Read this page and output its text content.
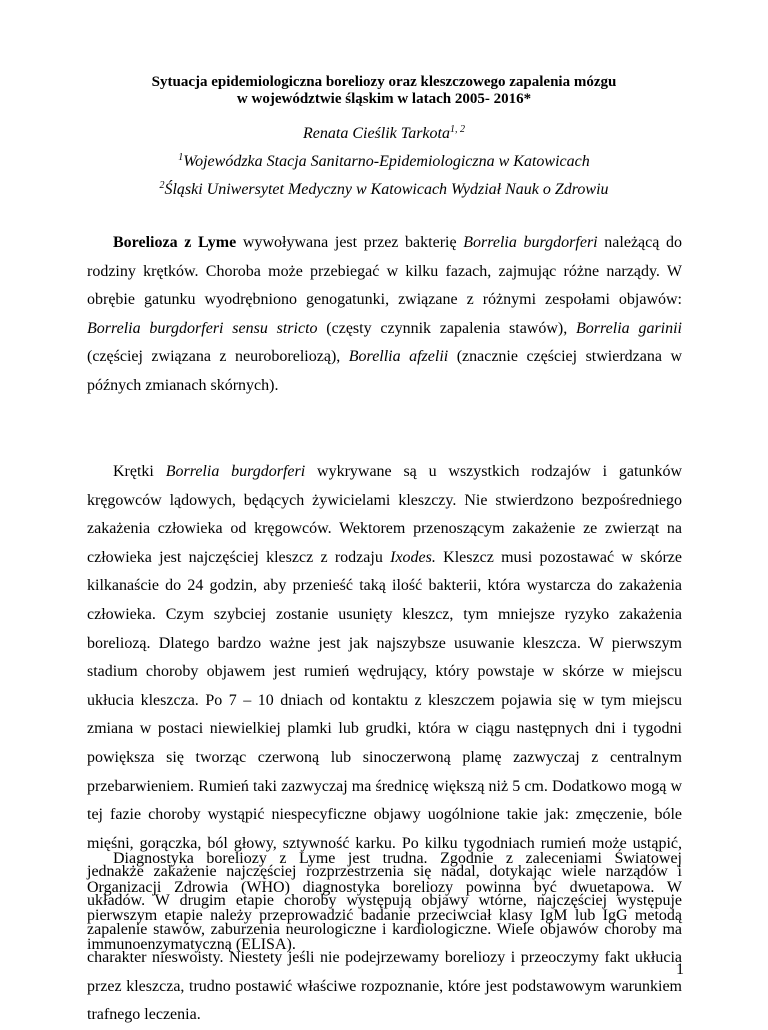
Sytuacja epidemiologiczna boreliozy oraz kleszczowego zapalenia mózgu
w województwie śląskim w latach 2005- 2016*
Renata Cieślik Tarkota$^{1, 2}$
$^1$Wojewódzka Stacja Sanitarno-Epidemiologiczna w Katowicach
$^2$Śląski Uniwersytet Medyczny w Katowicach Wydział Nauk o Zdrowiu

Borelioza z Lyme wywoływana jest przez bakterię Borrelia burgdorferi należącą do rodziny krętków. Choroba może przebiegać w kilku fazach, zajmując różne narządy. W obrębie gatunku wyodrębniono genogatunki, związane z różnymi zespołami objawów: Borrelia burgdorferi sensu stricto (częsty czynnik zapalenia stawów), Borrelia garinii (częściej związana z neuroboreliozą), Borellia afzelii (znacznie częściej stwierdzana w późnych zmianach skórnych).

Krętki Borrelia burgdorferi wykrywane są u wszystkich rodzajów i gatunków kręgowców lądowych, będących żywicielami kleszczy. Nie stwierdzono bezpośredniego zakażenia człowieka od kręgowców. Wektorem przenoszącym zakażenie ze zwierząt na człowieka jest najczęściej kleszcz z rodzaju Ixodes. Kleszcz musi pozostawać w skórze kilkanaście do 24 godzin, aby przenieść taką ilość bakterii, która wystarcza do zakażenia człowieka. Czym szybciej zostanie usunięty kleszcz, tym mniejsze ryzyko zakażenia boreliozą. Dlatego bardzo ważne jest jak najszybsze usuwanie kleszcza. W pierwszym stadium choroby objawem jest rumień wędrujący, który powstaje w skórze w miejscu ukłucia kleszcza. Po 7 – 10 dniach od kontaktu z kleszczem pojawia się w tym miejscu zmiana w postaci niewielkiej plamki lub grudki, która w ciągu następnych dni i tygodni powiększa się tworząc czerwoną lub sinoczerwoną plamę zazwyczaj z centralnym przebarwieniem. Rumień taki zazwyczaj ma średnicę większą niż 5 cm. Dodatkowo mogą w tej fazie choroby wystąpić niespecyficzne objawy uogólnione takie jak: zmęczenie, bóle mięśni, gorączka, ból głowy, sztywność karku. Po kilku tygodniach rumień może ustąpić, jednakże zakażenie najczęściej rozprzestrzenia się nadal, dotykając wiele narządów i układów. W drugim etapie choroby występują objawy wtórne, najczęściej występuje zapalenie stawów, zaburzenia neurologiczne i kardiologiczne. Wiele objawów choroby ma charakter nieswoisty. Niestety jeśli nie podejrzewamy boreliozy i przeoczymy fakt ukłucia przez kleszcza, trudno postawić właściwe rozpoznanie, które jest podstawowym warunkiem trafnego leczenia.

Diagnostyka boreliozy z Lyme jest trudna. Zgodnie z zaleceniami Światowej Organizacji Zdrowia (WHO) diagnostyka boreliozy powinna być dwuetapowa. W pierwszym etapie należy przeprowadzić badanie przeciwciał klasy IgM lub IgG metodą immunoenzymatyczną (ELISA).

1
